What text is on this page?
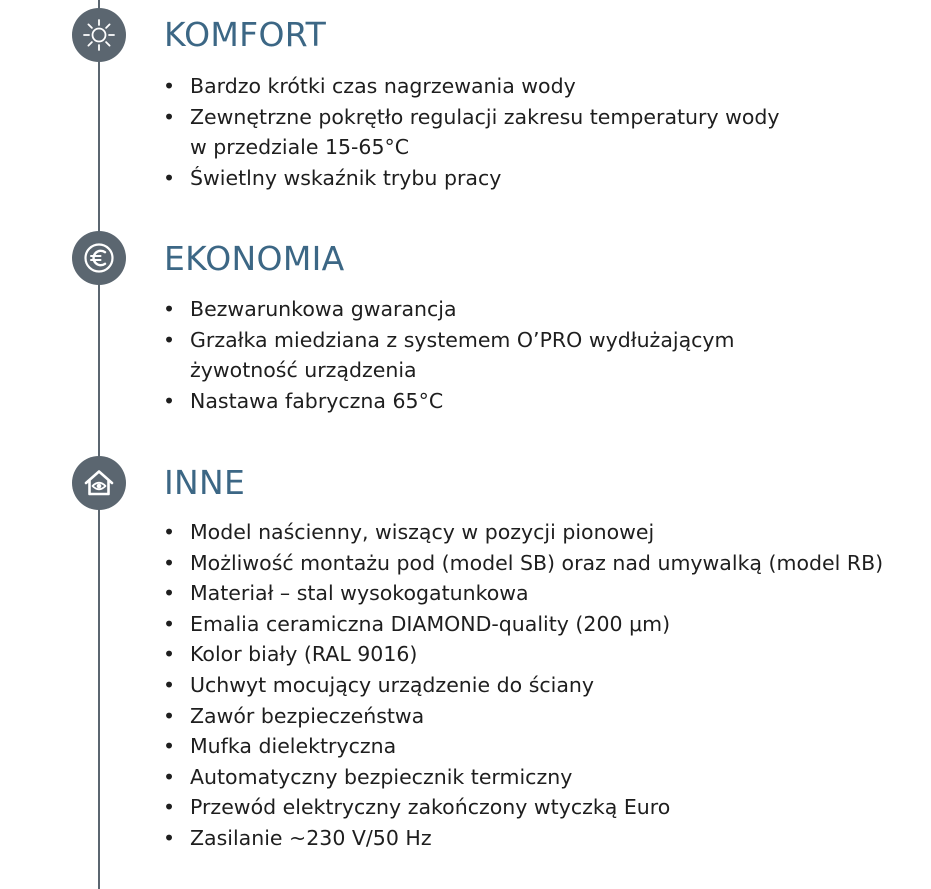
KOMFORT
• Bardzo krótki czas nagrzewania wody
• Zewnętrzne pokrętło regulacji zakresu temperatury wody
w przedziale 15-65°C
• Świetlny wskaźnik trybu pracy
EKONOMIA
• Bezwarunkowa gwarancja
• Grzałka miedziana z systemem O’PRO wydłużającym
żywotność urządzenia
• Nastawa fabryczna 65°C
INNE
• Model naścienny, wiszący w pozycji pionowej
• Możliwość montażu pod (model SB) oraz nad umywalką (model RB)
• Materiał – stal wysokogatunkowa
• Emalia ceramiczna DIAMOND-quality (200 μm)
• Kolor biały (RAL 9016)
• Uchwyt mocujący urządzenie do ściany
• Zawór bezpieczeństwa
• Mufka dielektryczna
• Automatyczny bezpiecznik termiczny
• Przewód elektryczny zakończony wtyczką Euro
• Zasilanie ~230 V/50 Hz
